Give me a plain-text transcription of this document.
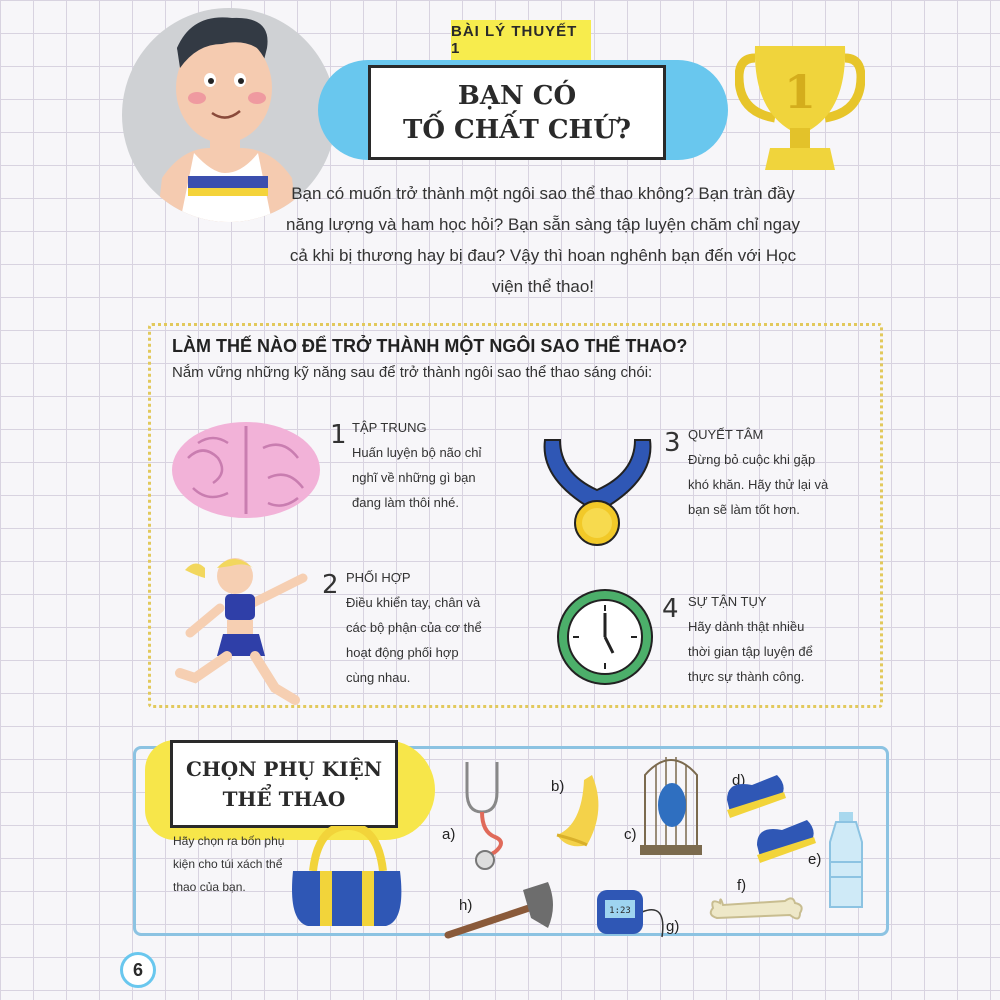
BÀI LÝ THUYẾT 1
BẠN CÓ
TỐ CHẤT CHỨ?
1
Bạn có muốn trở thành một ngôi sao thể thao không? Bạn tràn đầy năng lượng và ham học hỏi? Bạn sẵn sàng tập luyện chăm chỉ ngay cả khi bị thương hay bị đau? Vậy thì hoan nghênh bạn đến với Học viện thể thao!
LÀM THẾ NÀO ĐỂ TRỞ THÀNH MỘT NGÔI SAO THỂ THAO?
Nắm vững những kỹ năng sau để trở thành ngôi sao thể thao sáng chói:
1 TẬP TRUNG
Huấn luyện bộ não chỉ
nghĩ về những gì bạn
đang làm thôi nhé.
3 QUYẾT TÂM
Đừng bỏ cuộc khi gặp
khó khăn. Hãy thử lại và
bạn sẽ làm tốt hơn.
2 PHỐI HỢP
Điều khiển tay, chân và
các bộ phận của cơ thể
hoạt động phối hợp
cùng nhau.
4 SỰ TẬN TỤY
Hãy dành thật nhiều
thời gian tập luyện để
thực sự thành công.
CHỌN PHỤ KIỆN
THỂ THAO
Hãy chọn ra bốn phụ kiện cho túi xách thể thao của bạn.
a)
b)
c)
d)
e)
f)
g)
1:23
h)
6
